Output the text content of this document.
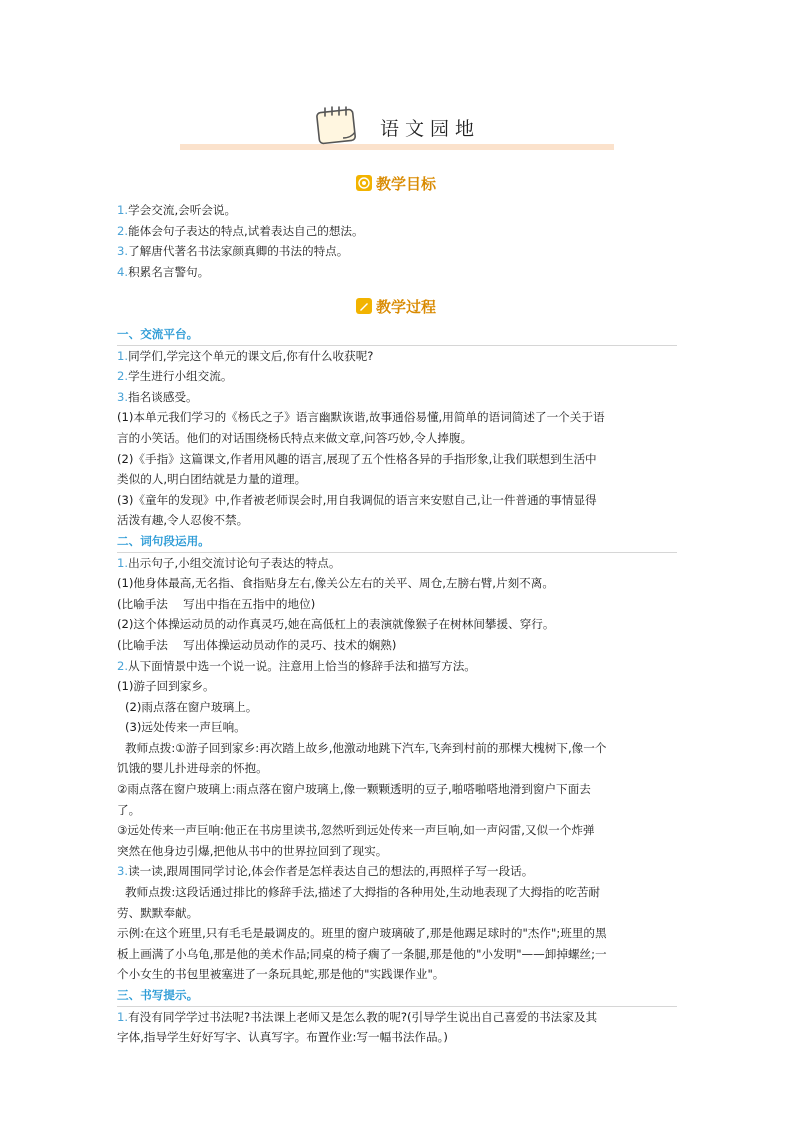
语文园地
教学目标

1.学会交流,会听会说。

2.能体会句子表达的特点,试着表达自己的想法。

3.了解唐代著名书法家颜真卿的书法的特点。

4.积累名言警句。

教学过程

一、交流平台。

1.同学们,学完这个单元的课文后,你有什么收获呢?

2.学生进行小组交流。

3.指名谈感受。

(1)本单元我们学习的《杨氏之子》语言幽默诙谐,故事通俗易懂,用简单的语词简述了一个关于语

言的小笑话。他们的对话围绕杨氏特点来做文章,问答巧妙,令人捧腹。

(2)《手指》这篇课文,作者用风趣的语言,展现了五个性格各异的手指形象,让我们联想到生活中

类似的人,明白团结就是力量的道理。

(3)《童年的发现》中,作者被老师误会时,用自我调侃的语言来安慰自己,让一件普通的事情显得

活泼有趣,令人忍俊不禁。

二、词句段运用。

1.出示句子,小组交流讨论句子表达的特点。

(1)他身体最高,无名指、食指贴身左右,像关公左右的关平、周仓,左膀右臂,片刻不离。

(比喻手法　 写出中指在五指中的地位)

(2)这个体操运动员的动作真灵巧,她在高低杠上的表演就像猴子在树林间攀援、穿行。

(比喻手法　 写出体操运动员动作的灵巧、技术的娴熟)

2.从下面情景中选一个说一说。注意用上恰当的修辞手法和描写方法。

(1)游子回到家乡。

(2)雨点落在窗户玻璃上。

(3)远处传来一声巨响。

教师点拨:①游子回到家乡:再次踏上故乡,他激动地跳下汽车,飞奔到村前的那棵大槐树下,像一个

饥饿的婴儿扑进母亲的怀抱。

②雨点落在窗户玻璃上:雨点落在窗户玻璃上,像一颗颗透明的豆子,啪嗒啪嗒地滑到窗户下面去

了。

③远处传来一声巨响:他正在书房里读书,忽然听到远处传来一声巨响,如一声闷雷,又似一个炸弹

突然在他身边引爆,把他从书中的世界拉回到了现实。

3.读一读,跟周围同学讨论,体会作者是怎样表达自己的想法的,再照样子写一段话。

教师点拨:这段话通过排比的修辞手法,描述了大拇指的各种用处,生动地表现了大拇指的吃苦耐

劳、默默奉献。

示例:在这个班里,只有毛毛是最调皮的。班里的窗户玻璃破了,那是他踢足球时的"杰作";班里的黑

板上画满了小乌龟,那是他的美术作品;同桌的椅子瘸了一条腿,那是他的"小发明"——卸掉螺丝;一

个小女生的书包里被塞进了一条玩具蛇,那是他的"实践课作业"。

三、书写提示。

1.有没有同学学过书法呢?书法课上老师又是怎么教的呢?(引导学生说出自己喜爱的书法家及其

字体,指导学生好好写字、认真写字。布置作业:写一幅书法作品。)
